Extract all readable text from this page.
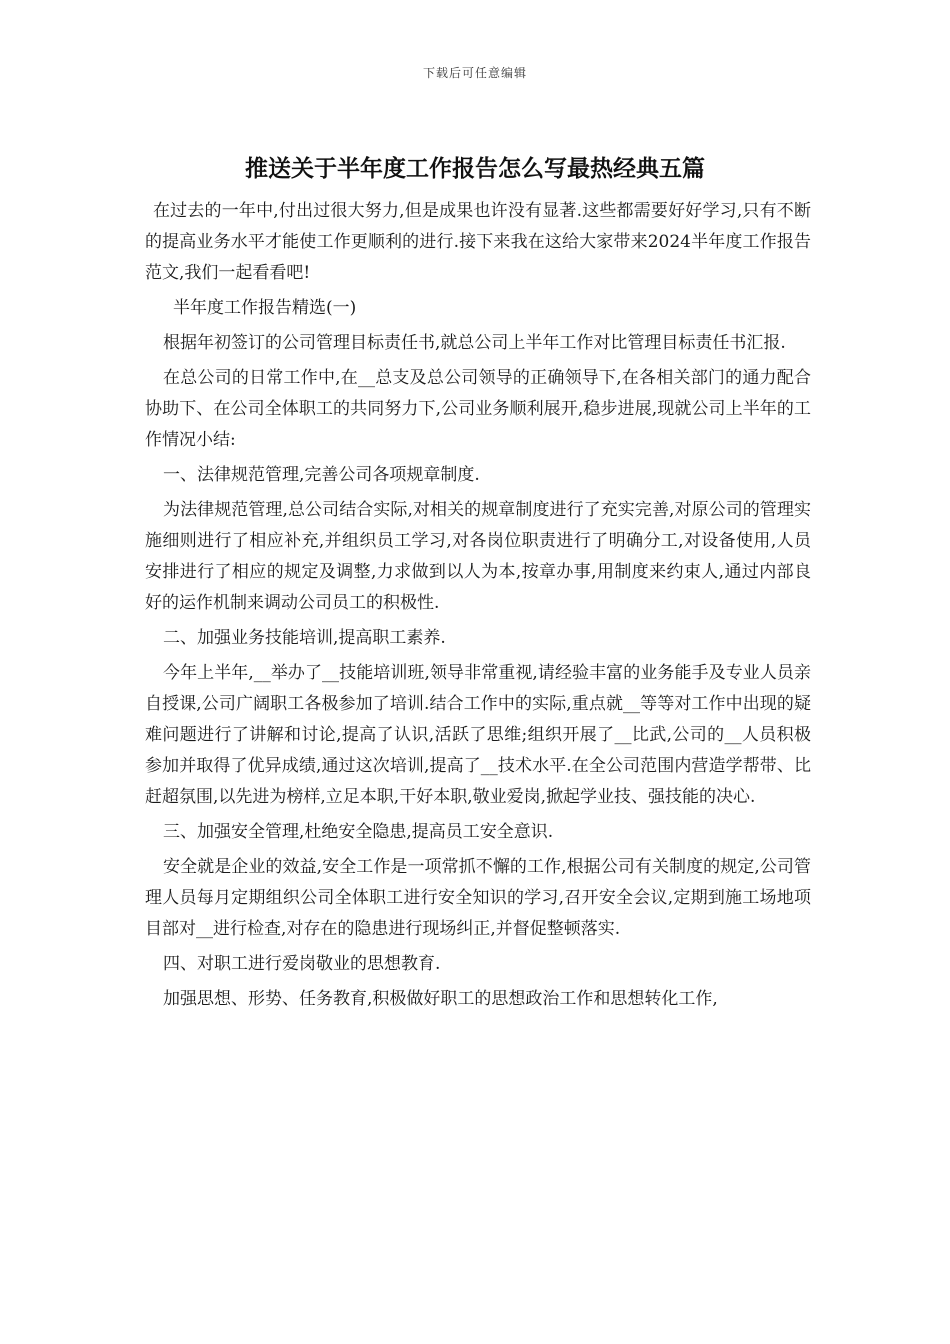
下载后可任意编辑
推送关于半年度工作报告怎么写最热经典五篇

在过去的一年中,付出过很大努力,但是成果也许没有显著.这些都需要好好学习,只有不断的提高业务水平才能使工作更顺利的进行.接下来我在这给大家带来2024半年度工作报告范文,我们一起看看吧!

半年度工作报告精选(一)

根据年初签订的公司管理目标责任书,就总公司上半年工作对比管理目标责任书汇报.

在总公司的日常工作中,在__总支及总公司领导的正确领导下,在各相关部门的通力配合协助下、在公司全体职工的共同努力下,公司业务顺利展开,稳步进展,现就公司上半年的工作情况小结:

一、法律规范管理,完善公司各项规章制度.

为法律规范管理,总公司结合实际,对相关的规章制度进行了充实完善,对原公司的管理实施细则进行了相应补充,并组织员工学习,对各岗位职责进行了明确分工,对设备使用,人员安排进行了相应的规定及调整,力求做到以人为本,按章办事,用制度来约束人,通过内部良好的运作机制来调动公司员工的积极性.

二、加强业务技能培训,提高职工素养.

今年上半年,__举办了__技能培训班,领导非常重视,请经验丰富的业务能手及专业人员亲自授课,公司广阔职工各极参加了培训.结合工作中的实际,重点就__等等对工作中出现的疑难问题进行了讲解和讨论,提高了认识,活跃了思维;组织开展了__比武,公司的__人员积极参加并取得了优异成绩,通过这次培训,提高了__技术水平.在全公司范围内营造学帮带、比赶超氛围,以先进为榜样,立足本职,干好本职,敬业爱岗,掀起学业技、强技能的决心.

三、加强安全管理,杜绝安全隐患,提高员工安全意识.

安全就是企业的效益,安全工作是一项常抓不懈的工作,根据公司有关制度的规定,公司管理人员每月定期组织公司全体职工进行安全知识的学习,召开安全会议,定期到施工场地项目部对__进行检查,对存在的隐患进行现场纠正,并督促整顿落实.

四、对职工进行爱岗敬业的思想教育.

加强思想、形势、任务教育,积极做好职工的思想政治工作和思想转化工作,
